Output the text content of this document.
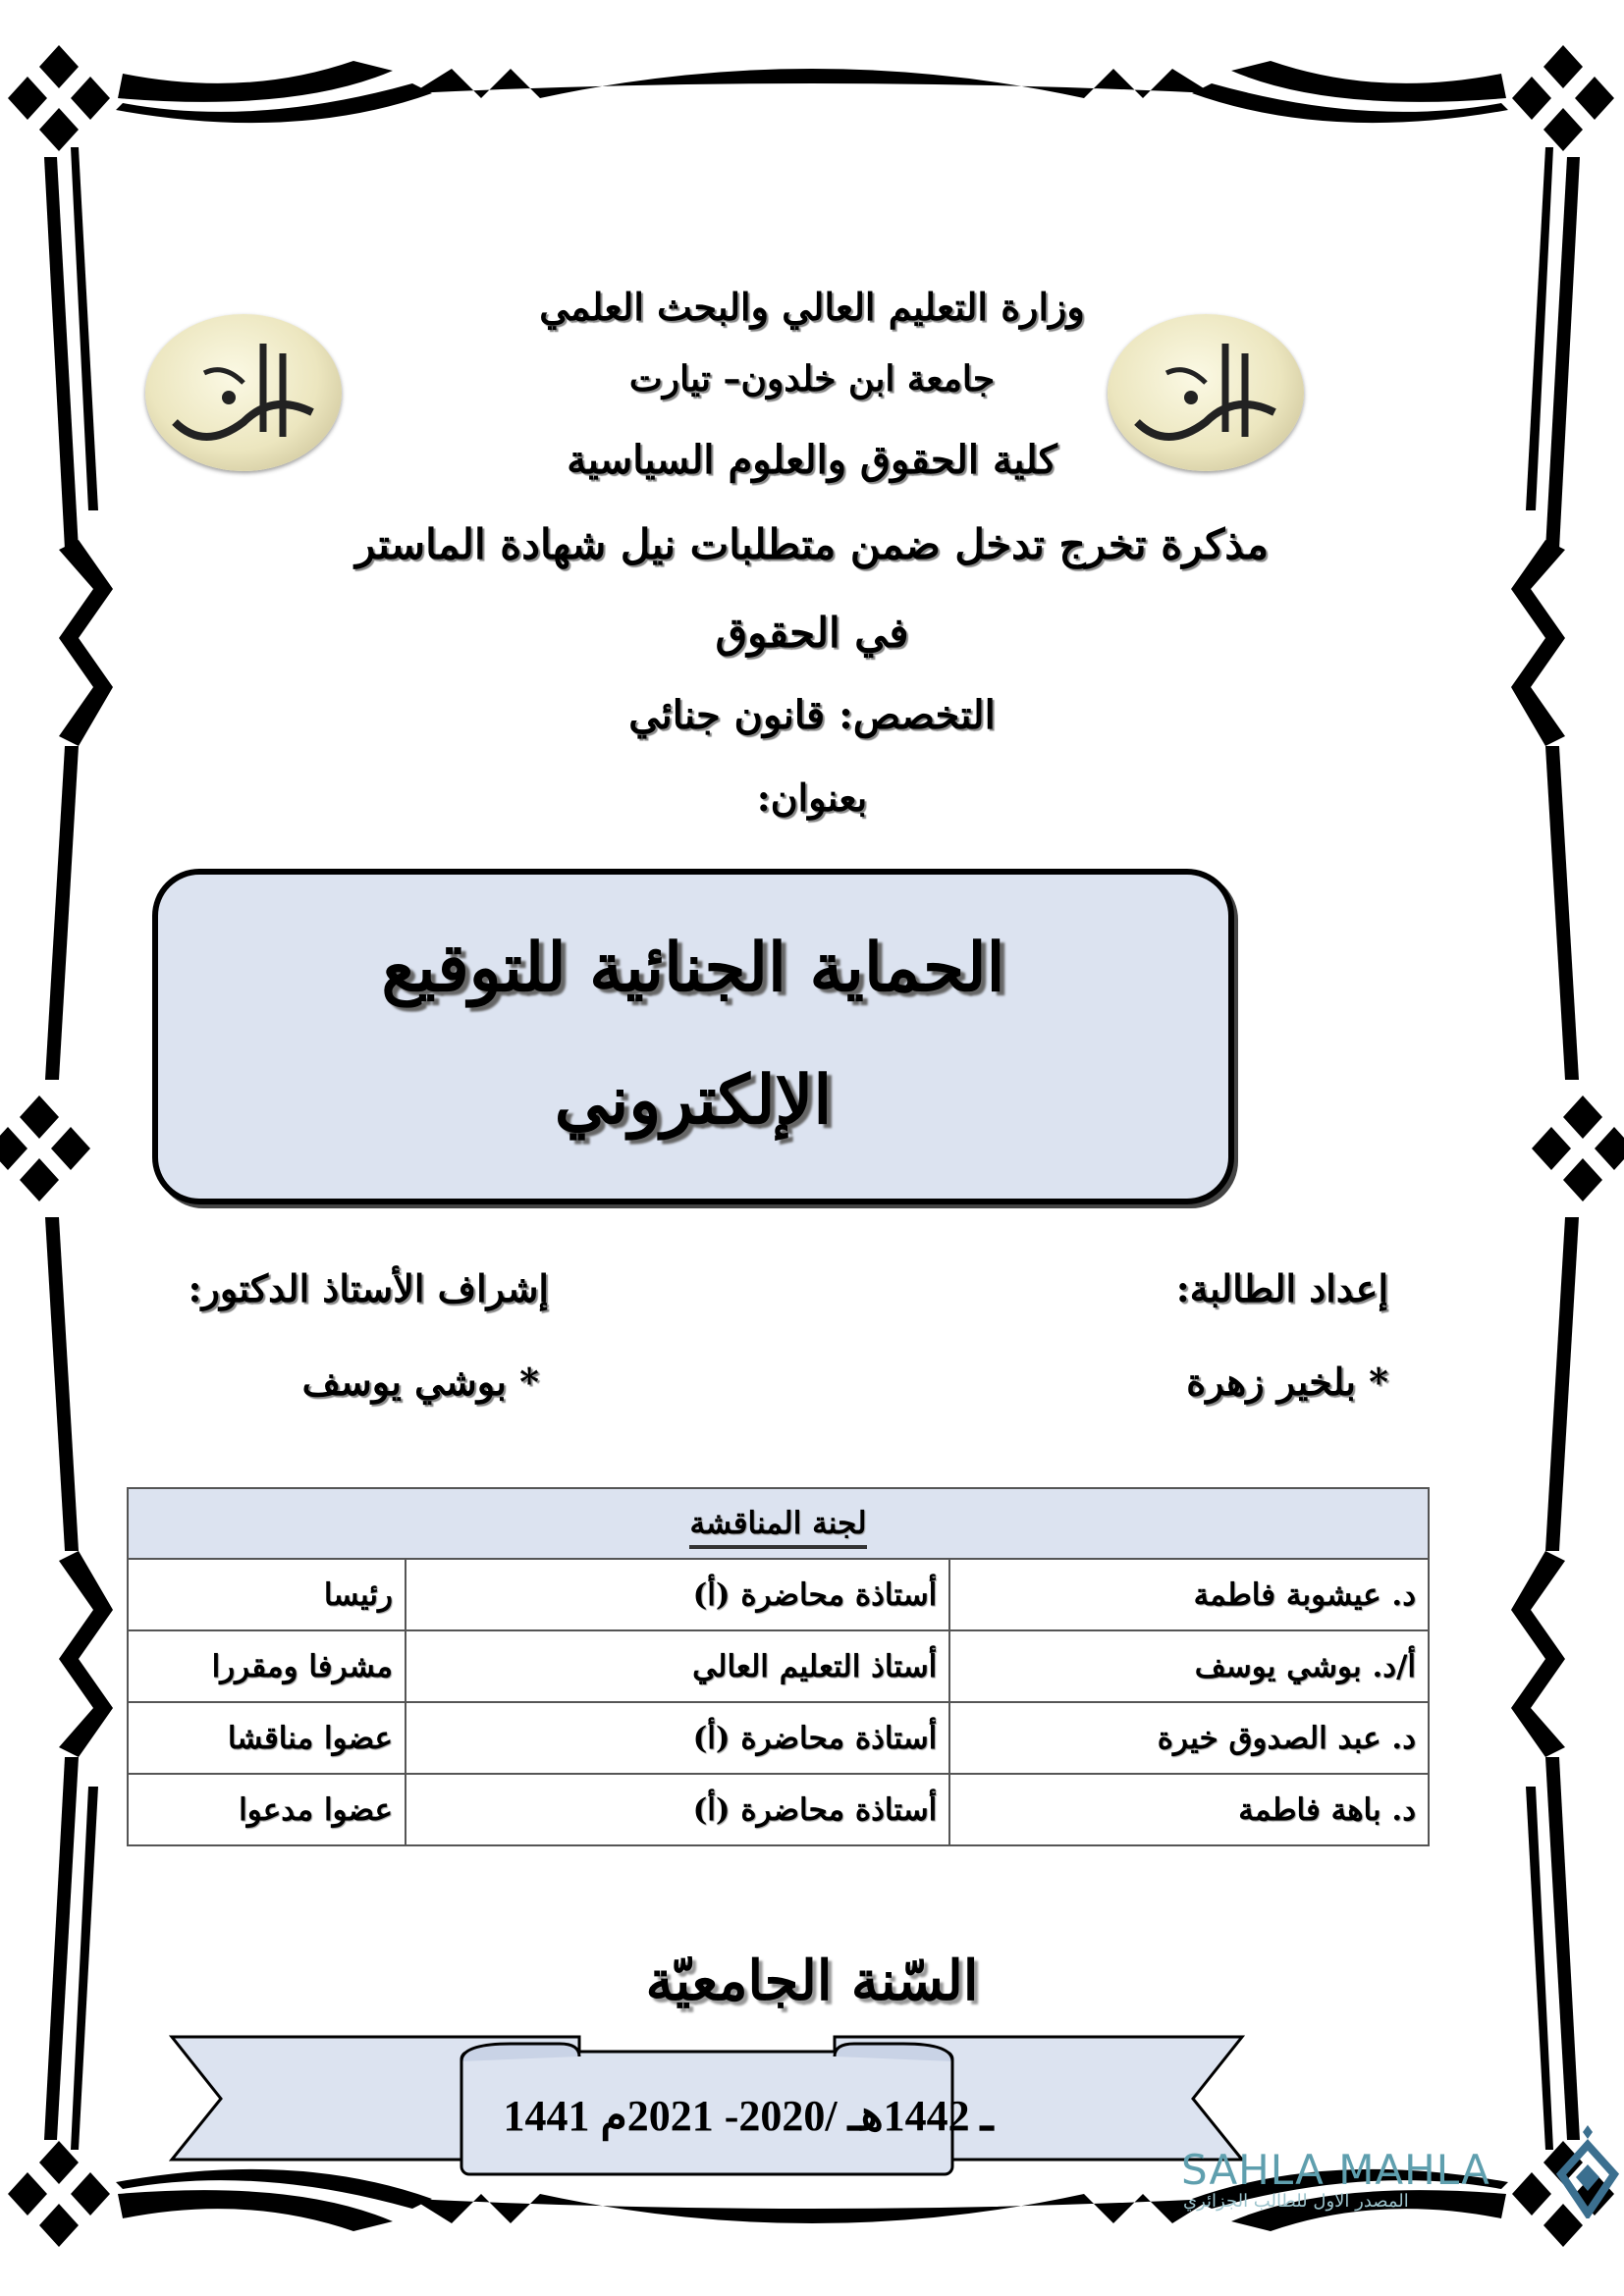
وزارة التعليم العالي والبحث العلمي
جامعة ابن خلدون– تيارت
كلية الحقوق والعلوم السياسية
مذكرة تخرج تدخل ضمن متطلبات نيل شهادة الماستر
في الحقوق
التخصص: قانون جنائي
بعنوان:
الحماية الجنائية للتوقيع
الإلكتروني
إعداد الطالبة:
إشراف الأستاذ الدكتور:
* بلخير زهرة
* بوشي يوسف
لجنة المناقشة		
د. عيشوبة فاطمة	أستاذة محاضرة (أ)	رئيسا
أ/د. بوشي يوسف	أستاذ التعليم العالي	مشرفا ومقررا
د. عبد الصدوق خيرة	أستاذة محاضرة (أ)	عضوا مناقشا
د. باهة فاطمة	أستاذة محاضرة (أ)	عضوا مدعوا
السّنة الجامعيّة
1441 ـ 1442هـ /2020- 2021م
SAHLA MAHLA
المصدر الاول للطالب الجزائري
